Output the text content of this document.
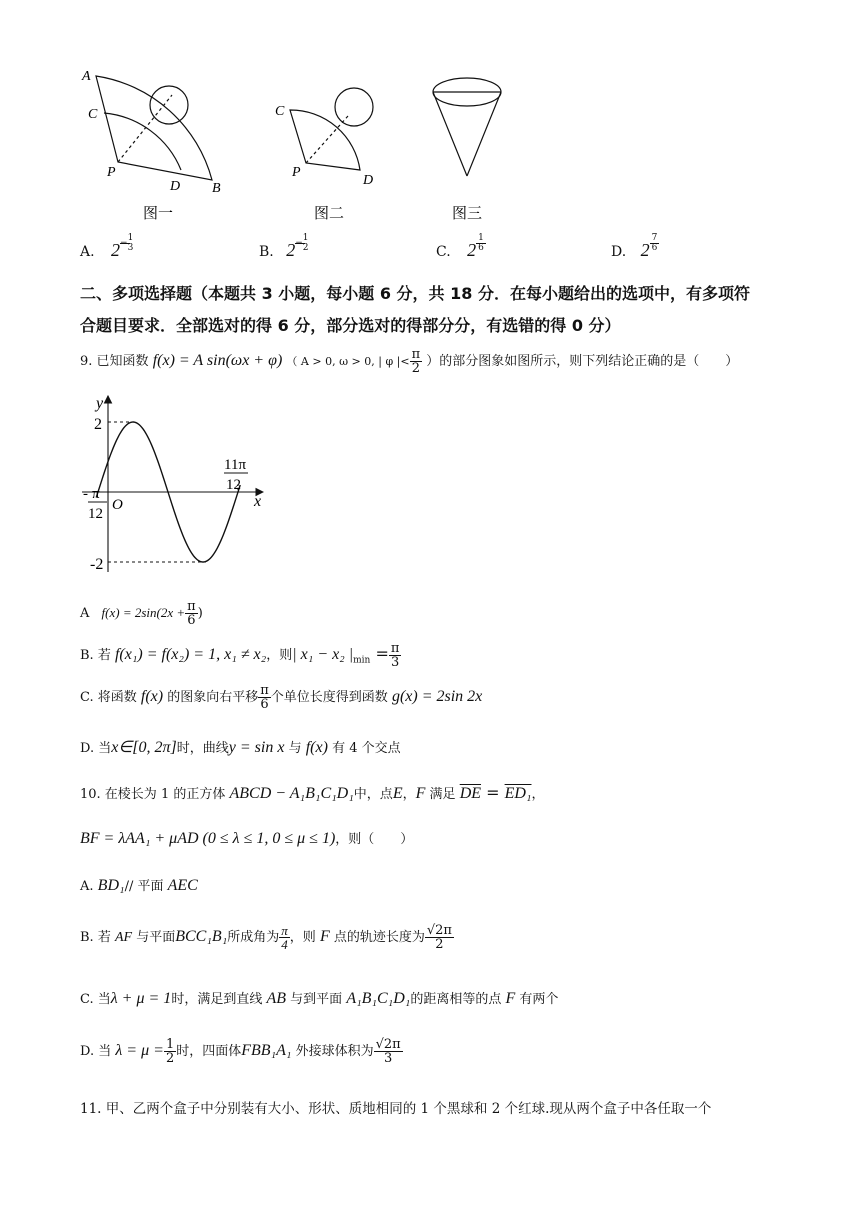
A
C
P
D B
图一
C
P
D
图二	图三
A. 2 − 1
3	B. 2 − 1
2	C. $2 \frac{1}{6}$	D. $2 \frac{7}{6}$
二、多项选择题（本题共 3 小题，每小题 6 分，共 18 分．在每小题给出的选项中，有多项符
合题目要求．全部选对的得 6 分，部分选对的得部分分，有选错的得 0 分）
9. 已知函数 f(x) = A sin(ωx + φ) （ A > 0, ω > 0, | φ |< $\frac{\pi}{2}$ ）的部分图象如图所示，则下列结论正确的是（　　）
y
x
O
2
-2
- π
12
11π
12
A $f(x) = 2\sin(2x + \frac{\pi}{6}$ )
B. 若 f(x₁) = f(x₂) = 1, x₁ ≠ x₂，则| x₁ − x₂ $|_{min} = \frac{\pi}{3}$
C. 将函数 f(x) 的图象向右平移 $\frac{\pi}{6}$ 个单位长度得到函数 g(x) = 2sin 2x
D. 当x∈[0, 2π]时，曲线y = sin x 与 f(x) 有 4 个交点
10. 在棱长为 1 的正方体 ABCD − A₁B₁C₁D₁中，点E，F 满足 $\overline{DE} = ED_1$，
BF = λAA₁ + μAD (0 ≤ λ ≤ 1, 0 ≤ μ ≤ 1)，则（　　）
A. BD₁// 平面 AEC
B. 若 AF 与平面BCC₁B₁所成角为 $\frac{\pi}{4}$ ，则 F 点的轨迹长度为 $\frac{√2\pi}{2}$
C. 当λ + μ = 1时，满足到直线 AB 与到平面 A₁B₁C₁D₁的距离相等的点 F 有两个
D. 当 $\lambda = \mu = \frac{1}{2}$ 时，四面体FBB₁A₁ 外接球体积为 $\frac{√2\pi}{3}$
11. 甲、乙两个盒子中分别装有大小、形状、质地相同的 1 个黑球和 2 个红球.现从两个盒子中各任取一个
